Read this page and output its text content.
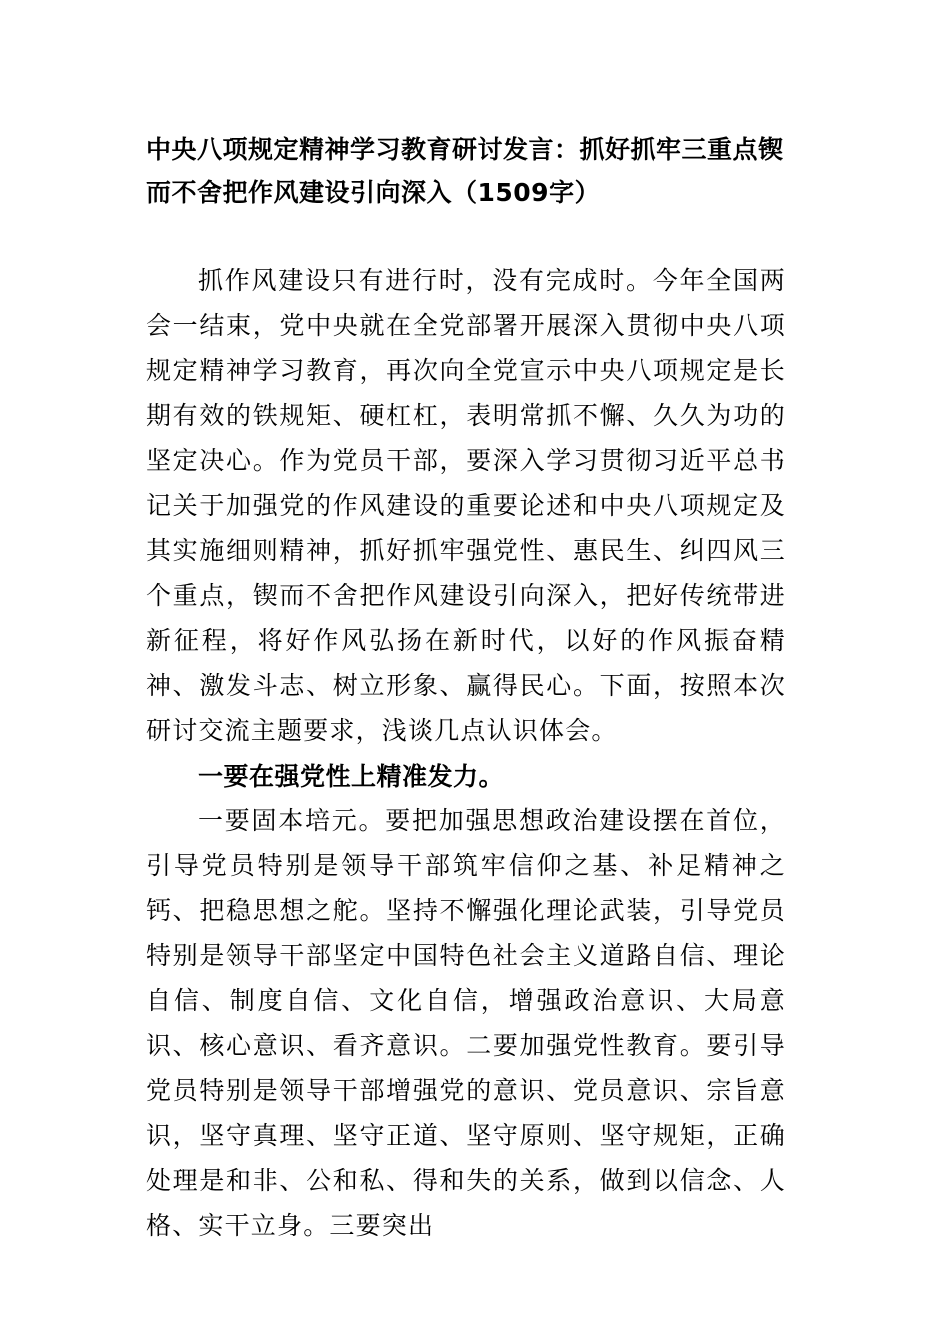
中央八项规定精神学习教育研讨发言：抓好抓牢三重点锲而不舍把作风建设引向深入（1509字）

抓作风建设只有进行时，没有完成时。今年全国两会一结束，党中央就在全党部署开展深入贯彻中央八项规定精神学习教育，再次向全党宣示中央八项规定是长期有效的铁规矩、硬杠杠，表明常抓不懈、久久为功的坚定决心。作为党员干部，要深入学习贯彻习近平总书记关于加强党的作风建设的重要论述和中央八项规定及其实施细则精神，抓好抓牢强党性、惠民生、纠四风三个重点，锲而不舍把作风建设引向深入，把好传统带进新征程，将好作风弘扬在新时代，以好的作风振奋精神、激发斗志、树立形象、赢得民心。下面，按照本次研讨交流主题要求，浅谈几点认识体会。

一要在强党性上精准发力。

一要固本培元。要把加强思想政治建设摆在首位，引导党员特别是领导干部筑牢信仰之基、补足精神之钙、把稳思想之舵。坚持不懈强化理论武装，引导党员特别是领导干部坚定中国特色社会主义道路自信、理论自信、制度自信、文化自信，增强政治意识、大局意识、核心意识、看齐意识。二要加强党性教育。要引导党员特别是领导干部增强党的意识、党员意识、宗旨意识，坚守真理、坚守正道、坚守原则、坚守规矩，正确处理是和非、公和私、得和失的关系，做到以信念、人格、实干立身。三要突出
